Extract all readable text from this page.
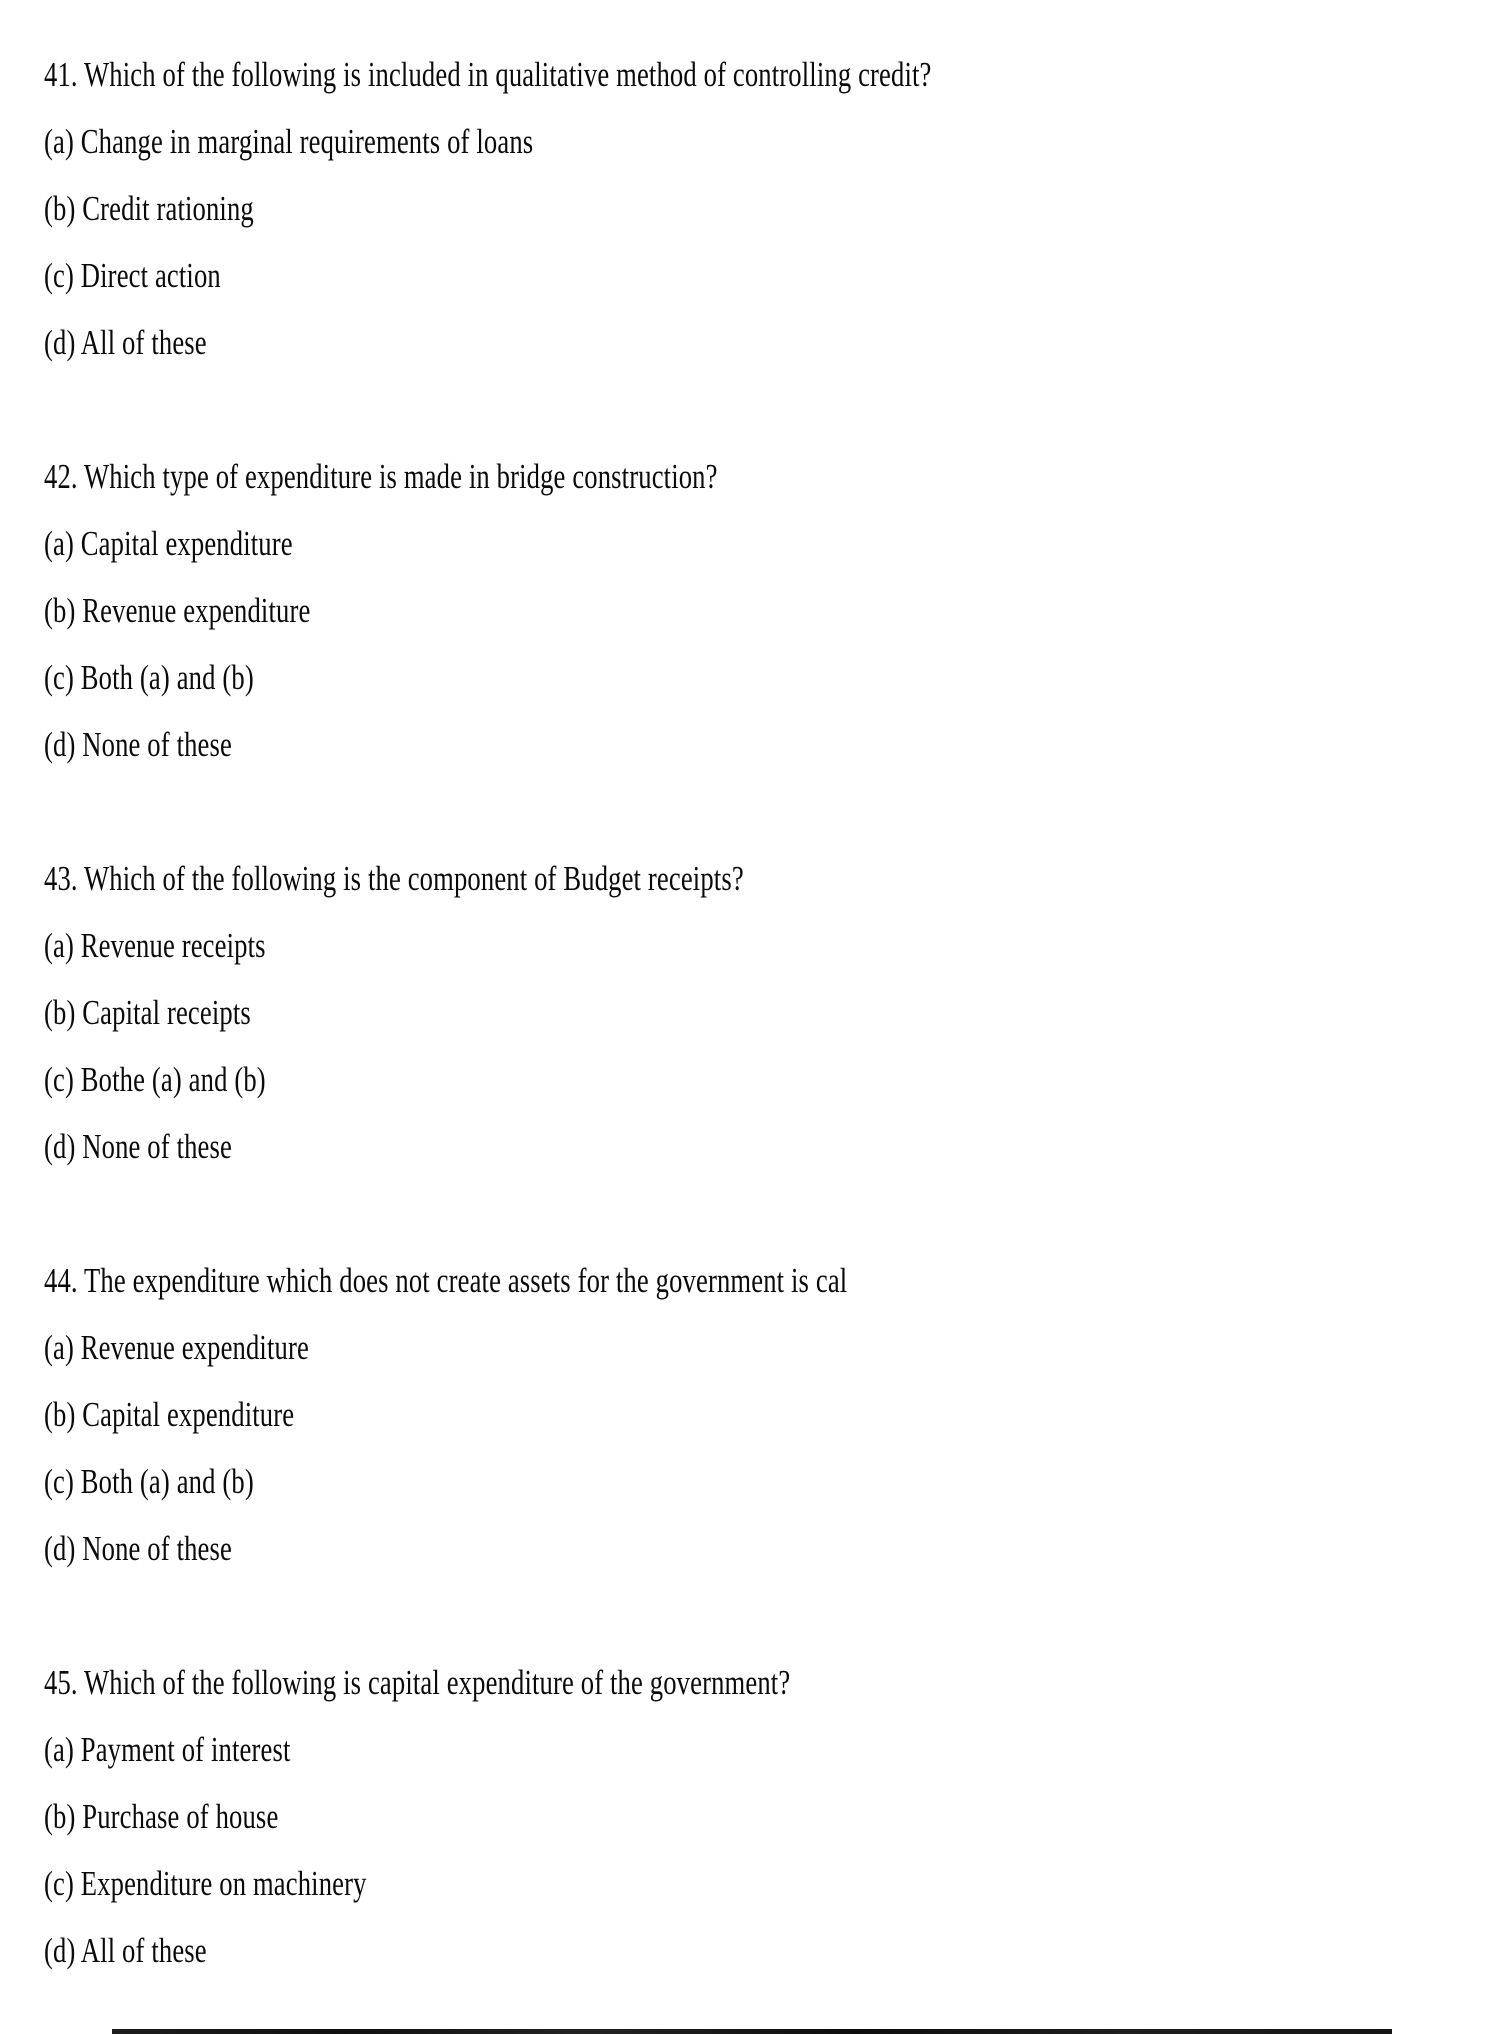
41. Which of the following is included in qualitative method of controlling credit?
(a) Change in marginal requirements of loans
(b) Credit rationing
(c) Direct action
(d) All of these
42. Which type of expenditure is made in bridge construction?
(a) Capital expenditure
(b) Revenue expenditure
(c) Both (a) and (b)
(d) None of these
43. Which of the following is the component of Budget receipts?
(a) Revenue receipts
(b) Capital receipts
(c) Bothe (a) and (b)
(d) None of these
44. The expenditure which does not create assets for the government is cal
(a) Revenue expenditure
(b) Capital expenditure
(c) Both (a) and (b)
(d) None of these
45. Which of the following is capital expenditure of the government?
(a) Payment of interest
(b) Purchase of house
(c) Expenditure on machinery
(d) All of these
